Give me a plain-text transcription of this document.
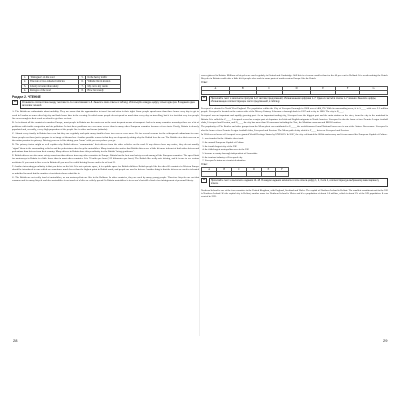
1.	‘Dialogues’ on the road	5.	In the heavy traffic
2.	The rule of two-wheeled vehicles	6.	Whistle life in motion
3.	Liberty is better than safety	7.	My car is my castle
4.	Ravages of the road	8.	How but steady
Раздел 2. ЧТЕНИЕ
10	Установите соответствие между текстами A–G и заголовками 1–8. Занесите свои ответы в таблицу. Используйте каждую цифру только один раз. В задании одна заголовок лишний.

A. The British are enthusiastic about mobility. They are aware that the opportunities to travel far and often is their right. Some people spend more than three hours every day to get to work in London or some other big city and back home later in the evening. In which some people do not spend so much time every day on travelling, but it is a fact that very few people live near enough to their work or school to go there on foot.

B. As is almost all the countries in modern Europe, most people in Britain use the motor car as the most frequent means of transport. And as in many countries nowadays there are a lot of problems with traffic congestion and air pollution. In fact these problems are even more severe than in many other European countries because of two facts. Firstly, Britain is densely populated and, secondly, a very high proportion of the people live in cities and towns (suburbs).

C. Almost every family in Britain has a car but they use regularly and quite many families have two cars or even more. It's for several reasons for the widespread enthusiasm for cars. Some people use them just to prepare to or image of themselves. Another possible reason is that they are desperately asking why the British love the car. The British view their own car as the nation passion for privacy. Driving your car is like taking your ‘home’ with you everywhere you go.

D. The privacy factor might as well explain why British drivers ‘communicate’ their drivers from the other vehicles on the road. If any drivers have any notice, they do not usually ‘signal’ them to the surrounding vehicles and the pedestrians often keep the motorbikes. Many tourists also notice that British drivers are a little bit more tolerant of both other drivers and pedestrians than drivers from their country. Many drivers in Britain have this peculiarity for the British ‘being gentlemen’.

E. British drivers are also more safety-conscious than drivers from any other countries in Europe. Britain has the best road safety record among all the European countries. The speed limit for motorways in Britain is a little lower than in most other countries. It is 70 miles per hour (112 kilometres per hour). The British like really safe driving, and it is rare to see serious accidents. If you want to hire a car in Britain all you need is a valid driving licence and to be at least 21.

F. Another interesting peculiarity is that you drive on the left. It is not a private space, it is a public space for British children. British people like the other 60 countries in Western Europe should be introduced to cars which are sometimes much lower than the highest point in British roads, and people are used to drivers. Another thing is that the drivers are used to tolerated or subsided in much but the number of accidents shows what this is.

G. The British are not really fond of motorbikes, as our motorcyclists are like in the Balkans. In other countries, they are used by many young people. Therefore bicycles are not that common and for many bicycle and also motorbikes is not much of a bike are widely spread. In Britain motorbikes is in no-one's but still a kind of an infringement of personal liberty.

was registered in Britain. Millions of bicycles are used regularly in Oxford and Cambridge. Still this is of course smaller than for the 40 per cent in Holland. It is worth ranking the Dutch. Bicycles in Britain could offer a little bit if people who work in some parts of north-western Europe like the Dutch.

Ответ:
A	B	C	D	E	F	G

11	Прочитайте текст и заполните пропуски A–F частями предложений, обозначенными цифрами 1–7. Одна из частей в списке 1–7 лишняя. Занесите цифры, обозначающие соответствующие части предложений, в таблицу.

Liverpool is situated in North West England. The population within the City of Liverpool borough in 2008 was of 464,176. With its surrounding areas, it is A____ with over 2.2 million people. Liverpool is located on the eastern side of the Mersey Estuary. It became a borough back in 1207 and a city in 1880. The city is B____.

Liverpool was an important and rapidly growing port. As an important trading city, Liverpool was the biggest port and the main station on the river, from the city to the mainland in Britain. It is called the C____. Liverpool served as a major port of departure for Irish and English migrants to North America. Liverpool is also the home of two Premier League football clubs, Liverpool and Everton, and D____, the city has more than 20 museums including the Tate, the Maritime museum and BBSS location.

The popularity of The Beatles and other groups from the Merseybeat era contributed to E____, the world-famous Grand National horse race is run at the Aintree Racecourse. Liverpool is also the home of two Premier League football clubs, Liverpool and Everton. The Merseyside derby which is F____ between Liverpool and Everton.

In 2004 several areas of Liverpool were granted World Heritage Status by UNESCO. In 2007, the city celebrated the 800th anniversary and it was named the European Capital of Culture.

1. was founded in the Atlantic slave trade
2. the annual European Capital of Culture
3. the fourth largest city of the UK
4. the fifth-largest metropolitan area in the UK
5. became a county borough independent of Lancashire
6. the tourism industry of Liverpool city
7. Liverpool's status as a tourist destination
Ответ:
A	B	C	D	E	F

12	Прочитайте текст и выполните задания 12–18. В каждом задании запишите в поле ответа цифру 1, 2, 3 или 4, соответствующую выбранному вами варианту ответа.

Northern Ireland is one of the four countries in the United Kingdom, with England, Scotland and Wales. The capital of Northern Ireland is Belfast. The smallest constituent unit in the UK is Northern Ireland. It's the capital city is Belfast, another name for Northern Ireland is Ulster and it's a population of about 1.8 million, which is about 3% of the UK population. It was created in 1921.

28	29
